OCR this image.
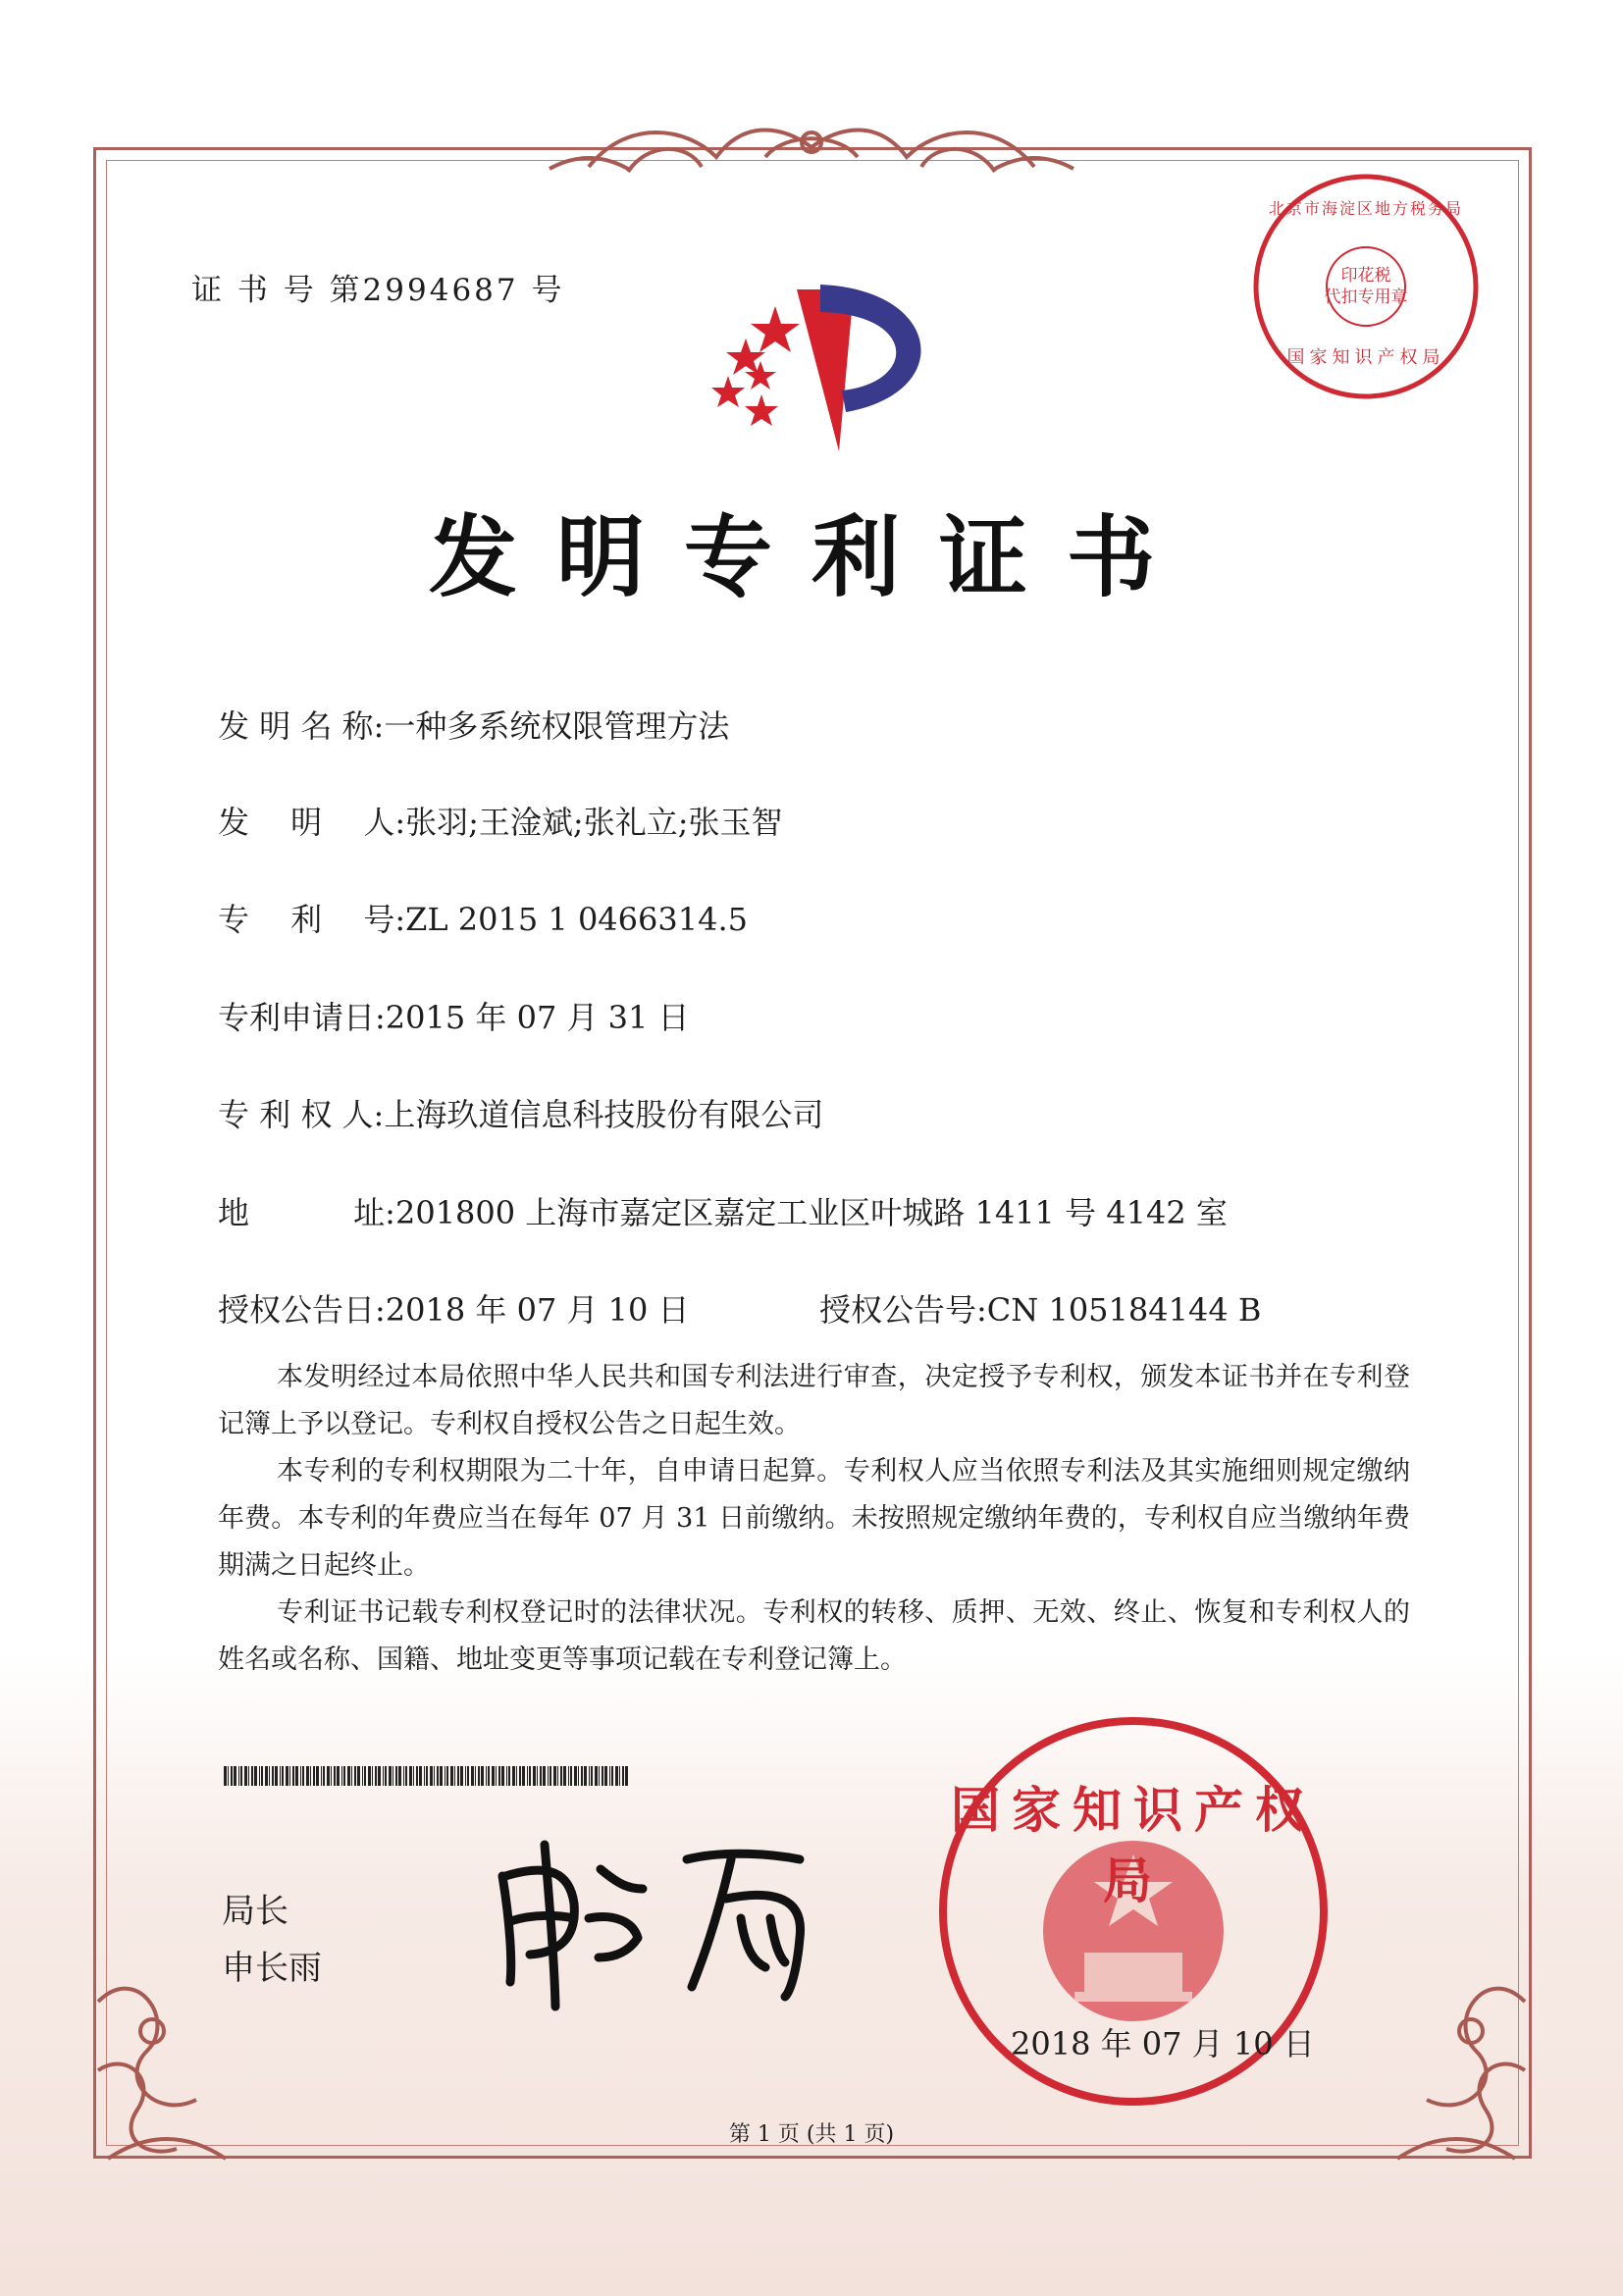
印花税
代扣专用章
北京市海淀区地方税务局
国家知识产权局
证 书 号 第2994687 号
发明专利证书
发 明 名 称:一种多系统权限管理方法
发　 明　 人:张羽;王淦斌;张礼立;张玉智
专　 利　 号:ZL 2015 1 0466314.5
专利申请日:2015 年 07 月 31 日
专 利 权 人:上海玖道信息科技股份有限公司
地　　　 址:201800 上海市嘉定区嘉定工业区叶城路 1411 号 4142 室
授权公告日:2018 年 07 月 10 日	授权公告号:CN 105184144 B

本发明经过本局依照中华人民共和国专利法进行审查，决定授予专利权，颁发本证书并在专利登记簿上予以登记。专利权自授权公告之日起生效。

本专利的专利权期限为二十年，自申请日起算。专利权人应当依照专利法及其实施细则规定缴纳年费。本专利的年费应当在每年 07 月 31 日前缴纳。未按照规定缴纳年费的，专利权自应当缴纳年费期满之日起终止。

专利证书记载专利权登记时的法律状况。专利权的转移、质押、无效、终止、恢复和专利权人的姓名或名称、国籍、地址变更等事项记载在专利登记簿上。

局长
申长雨
国家知识产权局
2018 年 07 月 10 日
第 1 页 (共 1 页)
